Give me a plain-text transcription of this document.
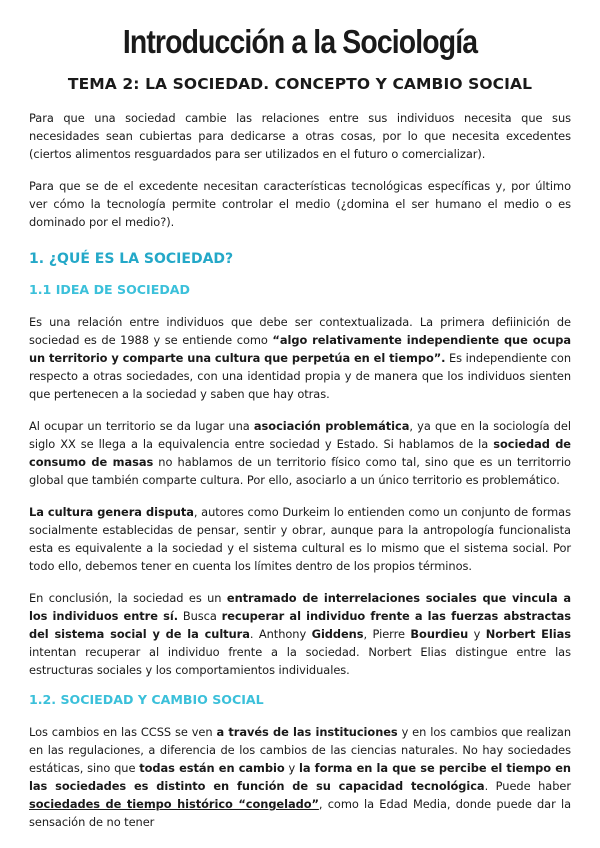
Introducción a la Sociología
TEMA 2: LA SOCIEDAD. CONCEPTO Y CAMBIO SOCIAL

Para que una sociedad cambie las relaciones entre sus individuos necesita que sus necesidades sean cubiertas para dedicarse a otras cosas, por lo que necesita excedentes (ciertos alimentos resguardados para ser utilizados en el futuro o comercializar).

Para que se de el excedente necesitan características tecnológicas específicas y, por último ver cómo la tecnología permite controlar el medio (¿domina el ser humano el medio o es dominado por el medio?).

1. ¿QUÉ ES LA SOCIEDAD?
1.1 IDEA DE SOCIEDAD

Es una relación entre individuos que debe ser contextualizada. La primera defiinición de sociedad es de 1988 y se entiende como “algo relativamente independiente que ocupa un territorio y comparte una cultura que perpetúa en el tiempo”. Es independiente con respecto a otras sociedades, con una identidad propia y de manera que los individuos sienten que pertenecen a la sociedad y saben que hay otras.

Al ocupar un territorio se da lugar una asociación problemática, ya que en la sociología del siglo XX se llega a la equivalencia entre sociedad y Estado. Si hablamos de la sociedad de consumo de masas no hablamos de un territorio físico como tal, sino que es un territorrio global que también comparte cultura. Por ello, asociarlo a un único territorio es problemático.

La cultura genera disputa, autores como Durkeim lo entienden como un conjunto de formas socialmente establecidas de pensar, sentir y obrar, aunque para la antropología funcionalista esta es equivalente a la sociedad y el sistema cultural es lo mismo que el sistema social. Por todo ello, debemos tener en cuenta los límites dentro de los propios términos.

En conclusión, la sociedad es un entramado de interrelaciones sociales que vincula a los individuos entre sí. Busca recuperar al individuo frente a las fuerzas abstractas del sistema social y de la cultura. Anthony Giddens, Pierre Bourdieu y Norbert Elias intentan recuperar al individuo frente a la sociedad. Norbert Elias distingue entre las estructuras sociales y los comportamientos individuales.

1.2. SOCIEDAD Y CAMBIO SOCIAL

Los cambios en las CCSS se ven a través de las instituciones y en los cambios que realizan en las regulaciones, a diferencia de los cambios de las ciencias naturales. No hay sociedades estáticas, sino que todas están en cambio y la forma en la que se percibe el tiempo en las sociedades es distinto en función de su capacidad tecnológica. Puede haber sociedades de tiempo histórico “congelado”, como la Edad Media, donde puede dar la sensación de no tener
